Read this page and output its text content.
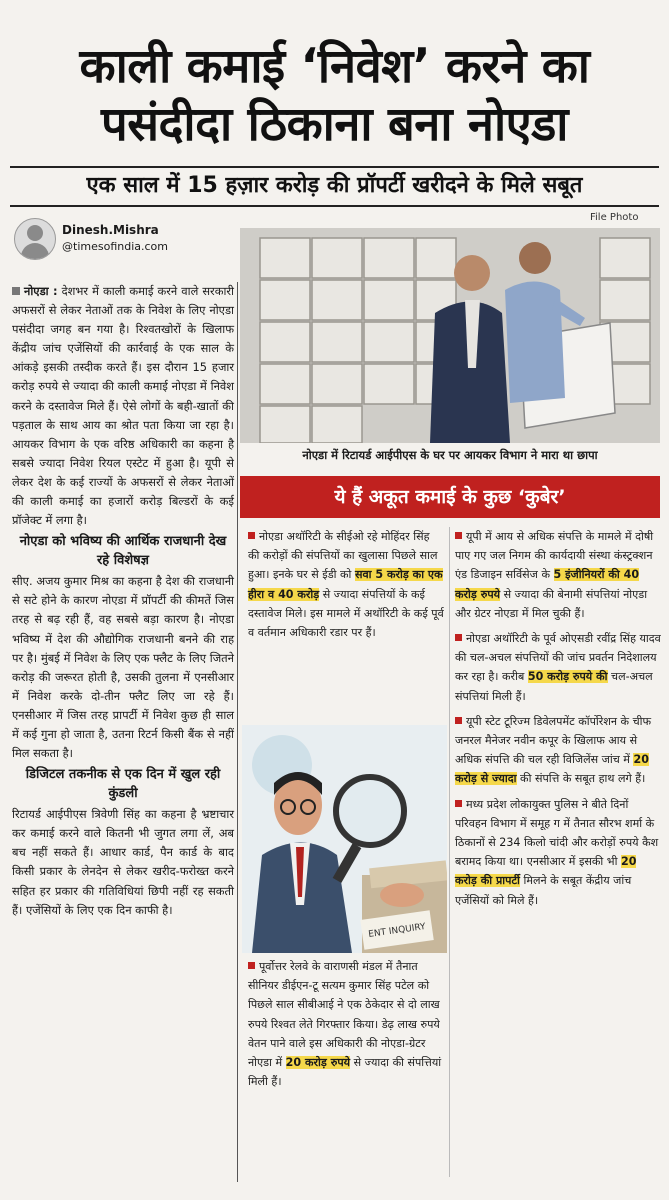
काली कमाई ‘निवेश’ करने का
पसंदीदा ठिकाना बना नोएडा
एक साल में 15 हज़ार करोड़ की प्रॉपर्टी खरीदने के मिले सबूत
Dinesh.Mishra
@timesofindia.com

नोएडा : देशभर में काली कमाई करने वाले सरकारी अफसरों से लेकर नेताओं तक के निवेश के लिए नोएडा पसंदीदा जगह बन गया है। रिश्वतखोरों के खिलाफ केंद्रीय जांच एजेंसियों की कार्रवाई के एक साल के आंकड़े इसकी तस्दीक करते हैं। इस दौरान 15 हजार करोड़ रुपये से ज्यादा की काली कमाई नोएडा में निवेश करने के दस्तावेज मिले हैं। ऐसे लोगों के बही-खातों की पड़ताल के साथ आय का श्रोत पता किया जा रहा है। आयकर विभाग के एक वरिष्ठ अधिकारी का कहना है सबसे ज्यादा निवेश रियल एस्टेट में हुआ है। यूपी से लेकर देश के कई राज्यों के अफसरों से लेकर नेताओं की काली कमाई का हजारों करोड़ बिल्डरों के कई प्रॉजेक्ट में लगा है।

नोएडा को भविष्य की आर्थिक राजधानी देख रहे विशेषज्ञ

सीए. अजय कुमार मिश्र का कहना है देश की राजधानी से सटे होने के कारण नोएडा में प्रॉपर्टी की कीमतें जिस तरह से बढ़ रही हैं, वह सबसे बड़ा कारण है। नोएडा भविष्य में देश की औद्योगिक राजधानी बनने की राह पर है। मुंबई में निवेश के लिए एक फ्लैट के लिए जितने करोड़ की जरूरत होती है, उसकी तुलना में एनसीआर में निवेश करके दो-तीन फ्लैट लिए जा रहे हैं। एनसीआर में जिस तरह प्रापर्टी में निवेश कुछ ही साल में कई गुना हो जाता है, उतना रिटर्न किसी बैंक से नहीं मिल सकता है।

डिजिटल तकनीक से एक दिन में खुल रही कुंडली

रिटायर्ड आईपीएस त्रिवेणी सिंह का कहना है भ्रष्टाचार कर कमाई करने वाले कितनी भी जुगत लगा लें, अब बच नहीं सकते हैं। आधार कार्ड, पैन कार्ड के बाद किसी प्रकार के लेनदेन से लेकर खरीद-फरोख्त करने सहित हर प्रकार की गतिविधियां छिपी नहीं रह सकती हैं। एजेंसियों के लिए एक दिन काफी है।

File Photo
नोएडा में रिटायर्ड आईपीएस के घर पर आयकर विभाग ने मारा था छापा
ये हैं अकूत कमाई के कुछ ‘कुबेर’

नोएडा अथॉरिटी के सीईओ रहे मोहिंदर सिंह की करोड़ों की संपत्तियों का खुलासा पिछले साल हुआ। इनके घर से ईडी को सवा 5 करोड़ का एक हीरा व 40 करोड़ से ज्यादा संपत्तियों के कई दस्तावेज मिले। इस मामले में अथॉरिटी के कई पूर्व व वर्तमान अधिकारी रडार पर हैं।

ENT INQUIRY

पूर्वोत्तर रेलवे के वाराणसी मंडल में तैनात सीनियर डीईएन-टू सत्यम कुमार सिंह पटेल को पिछले साल सीबीआई ने एक ठेकेदार से दो लाख रुपये रिश्वत लेते गिरफ्तार किया। डेढ़ लाख रुपये वेतन पाने वाले इस अधिकारी की नोएडा-ग्रेटर नोएडा में 20 करोड़ रुपये से ज्यादा की संपत्तियां मिली हैं।

यूपी में आय से अधिक संपत्ति के मामले में दोषी पाए गए जल निगम की कार्यदायी संस्था कंस्ट्रक्शन एंड डिजाइन सर्विसेज के 5 इंजीनियरों की 40 करोड़ रुपये से ज्यादा की बेनामी संपत्तियां नोएडा और ग्रेटर नोएडा में मिल चुकी हैं।

नोएडा अथॉरिटी के पूर्व ओएसडी रवींद्र सिंह यादव की चल-अचल संपत्तियों की जांच प्रवर्तन निदेशालय कर रहा है। करीब 50 करोड़ रुपये की चल-अचल संपत्तियां मिली हैं।

यूपी स्टेट टूरिज्म डिवेलपमेंट कॉर्पोरेशन के चीफ जनरल मैनेजर नवीन कपूर के खिलाफ आय से अधिक संपत्ति की चल रही विजिलेंस जांच में 20 करोड़ से ज्यादा की संपत्ति के सबूत हाथ लगे हैं।

मध्य प्रदेश लोकायुक्त पुलिस ने बीते दिनों परिवहन विभाग में समूह ग में तैनात सौरभ शर्मा के ठिकानों से 234 किलो चांदी और करोड़ों रुपये कैश बरामद किया था। एनसीआर में इसकी भी 20 करोड़ की प्रापर्टी मिलने के सबूत केंद्रीय जांच एजेंसियों को मिले हैं।
